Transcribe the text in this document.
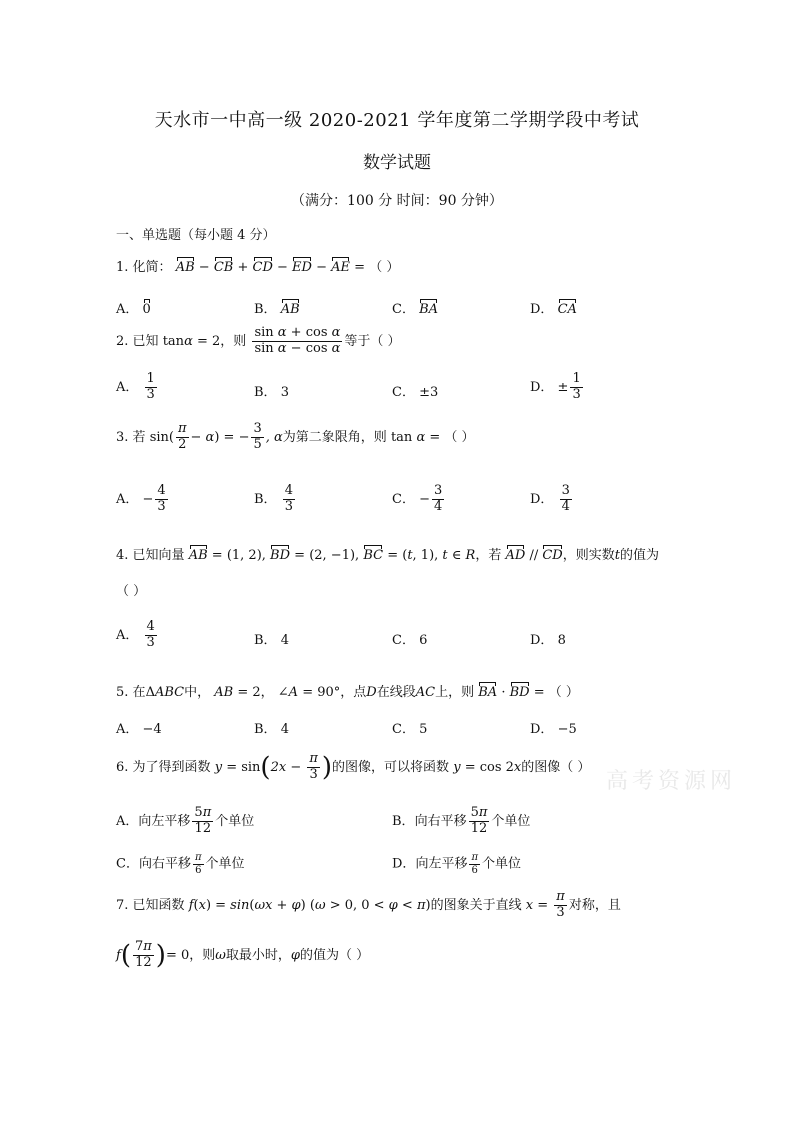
天水市一中高一级 2020-2021 学年度第二学期学段中考试
数学试题
（满分：100 分 时间：90 分钟）
一、单选题（每小题 4 分）
1. 化简： AB − CB + CD − ED − AE = （ ）
A． 0	B． AB	C． BA	D． CA
2. 已知 tanα = 2，则 $\frac{\text{sin α + cos α}}{\text{sin α − cos α}}$ 等于（ ）
A． $\frac{1}{3}$	B． 3	C． ±3	D． ± $\frac{1}{3}$
3. 若 $\sin( \frac{\pi}{2} - \alpha)$ = − $\frac{3}{5}$ , α为第二象限角，则 tan α = （ ）
A． − $\frac{4}{3}$	B． $\frac{4}{3}$	C． − $\frac{3}{4}$	D． $\frac{3}{4}$
4. 已知向量 AB = (1, 2), BD = (2, −1), BC = (t, 1), t ∈ R，若 AD // CD，则实数t的值为
（ ）
A． $\frac{4}{3}$	B． 4	C． 6	D． 8
5. 在ΔABC中， AB = 2， ∠A = 90°，点D在线段AC上，则 BA · BD = （ ）
A． −4	B． 4	C． 5	D． −5
6. 为了得到函数 $y = \sin(2x - \frac{\pi}{3}$ )的图像，可以将函数 y = cos 2x的图像（ ）
高考资源网
A．向左平移 $\frac{5\pi}{12}$ 个单位	B．向右平移 $\frac{5\pi}{12}$ 个单位
C．向右平移 $\frac{\pi}{6}$ 个单位	D．向左平移 $\frac{\pi}{6}$ 个单位
7. 已知函数 f(x) = sin(ωx + φ) (ω > 0, 0 < φ < π)的图象关于直线 $x = \frac{\pi}{3}$ 对称，且
$f( \frac{7\pi}{12}$ )= 0，则ω取最小时，φ的值为（ ）
